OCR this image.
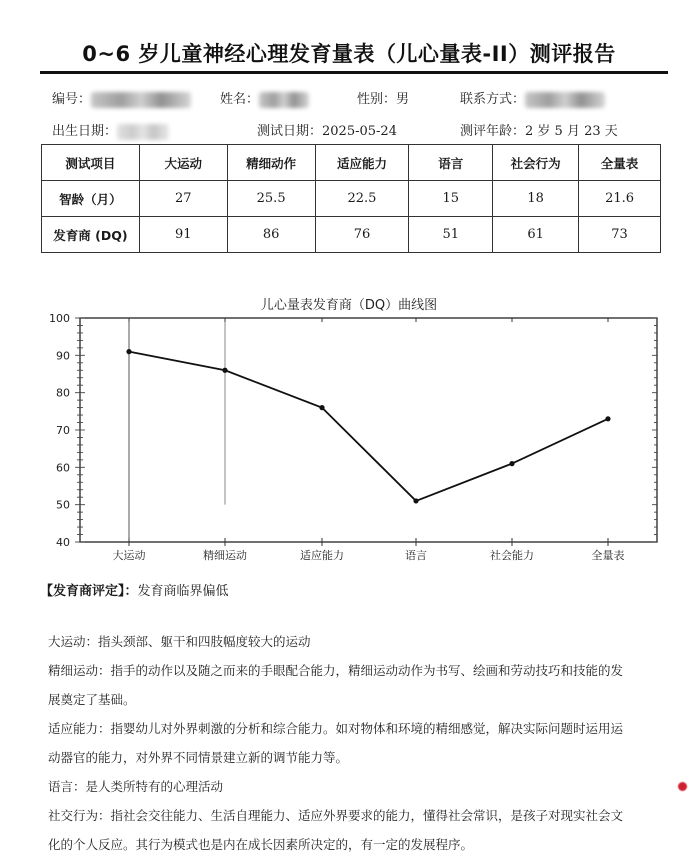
0~6 岁儿童神经心理发育量表（儿心量表-II）测评报告
编号：	姓名：	性别：男	联系方式：
出生日期：	测试日期：2025-05-24	测评年龄：2 岁 5 月 23 天
测试项目	大运动	精细动作	适应能力	语言	社会行为	全量表
智龄（月）	27	25.5	22.5	15	18	21.6
发育商 (DQ)	91	86	76	51	61	73
儿心量表发育商（DQ）曲线图
40
50
60
70
80
90
100
大运动	精细运动	适应能力	语言	社会能力	全量表
【发育商评定】：发育商临界偏低
大运动：指头颈部、躯干和四肢幅度较大的运动
精细运动：指手的动作以及随之而来的手眼配合能力，精细运动动作为书写、绘画和劳动技巧和技能的发
展奠定了基础。
适应能力：指婴幼儿对外界刺激的分析和综合能力。如对物体和环境的精细感觉，解决实际问题时运用运
动器官的能力，对外界不同情景建立新的调节能力等。
语言：是人类所特有的心理活动
社交行为：指社会交往能力、生活自理能力、适应外界要求的能力，懂得社会常识，是孩子对现实社会文
化的个人反应。其行为模式也是内在成长因素所决定的，有一定的发展程序。
